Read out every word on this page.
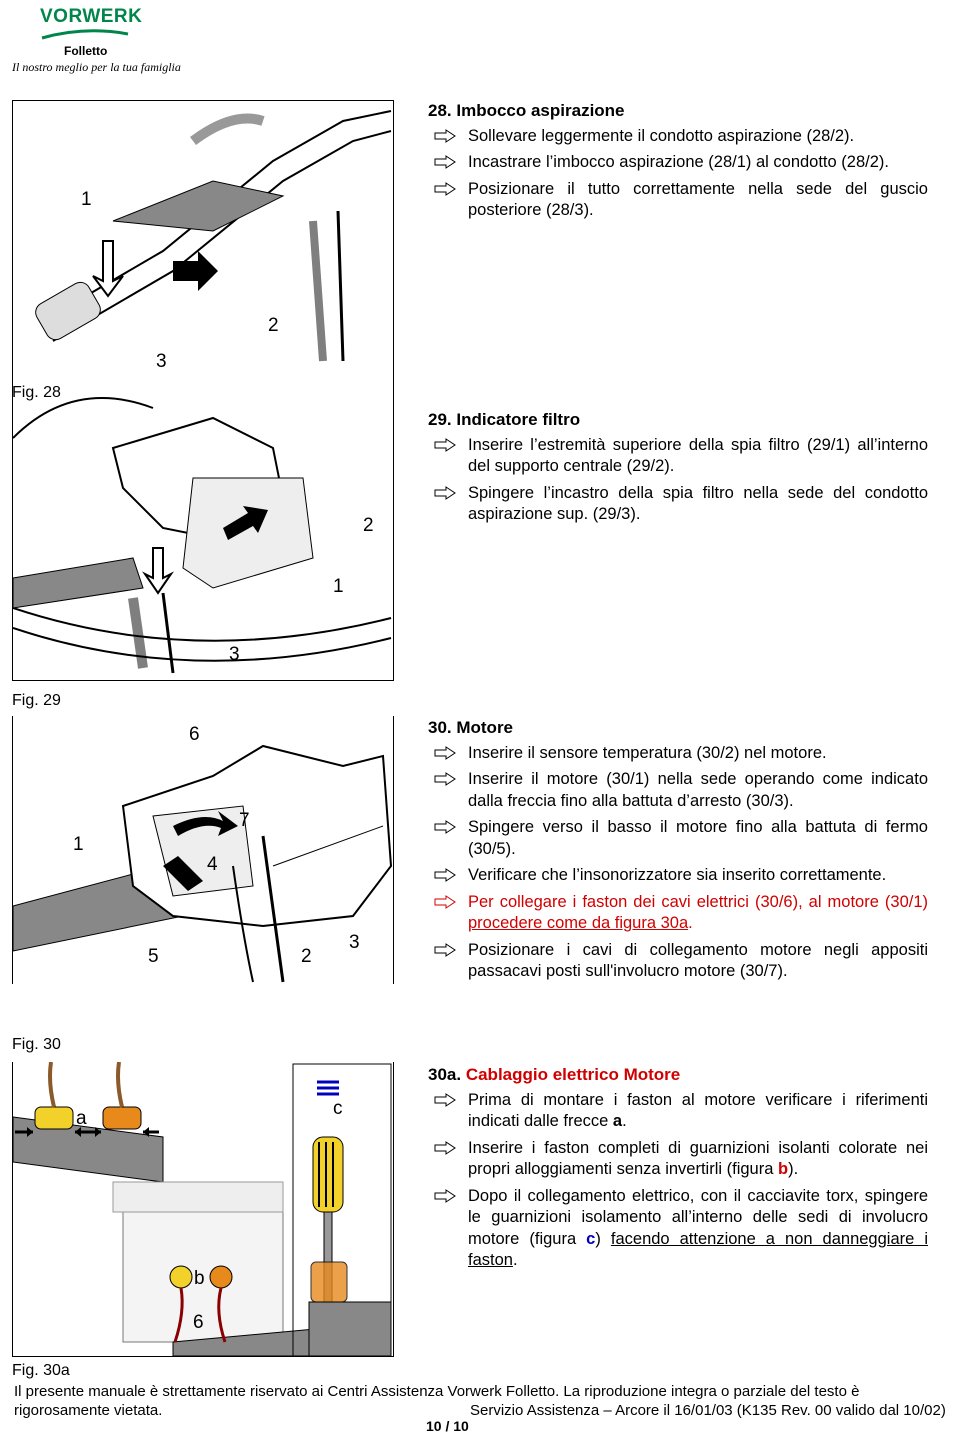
VORWERK
Folletto
Il nostro meglio per la tua famiglia
1
2
3
Fig. 28
2
1
3
Fig. 29
6
7
1
4
5	2
3
Fig. 30
a	c
b
6
Fig. 30a
28. Imbocco aspirazione
Sollevare leggermente il condotto aspirazione (28/2).
Incastrare l’imbocco aspirazione (28/1) al condotto (28/2).
Posizionare il tutto correttamente nella sede del guscio posteriore (28/3).
29. Indicatore filtro
Inserire l’estremità superiore della spia filtro (29/1) all’interno del supporto centrale (29/2).
Spingere l’incastro della spia filtro nella sede del condotto aspirazione sup. (29/3).
30. Motore
Inserire il sensore temperatura (30/2) nel motore.
Inserire il motore (30/1) nella sede operando come indicato dalla freccia fino alla battuta d’arresto (30/3).
Spingere verso il basso il motore fino alla battuta di fermo (30/5).
Verificare che l’insonorizzatore sia inserito correttamente.
Per collegare i faston dei cavi elettrici (30/6), al motore (30/1) procedere come da figura 30a.
Posizionare i cavi di collegamento motore negli appositi passacavi posti sull'involucro motore (30/7).
30a. Cablaggio elettrico Motore
Prima di montare i faston al motore verificare i riferimenti indicati dalle frecce a.
Inserire i faston completi di guarnizioni isolanti colorate nei propri alloggiamenti senza invertirli (figura b).
Dopo il collegamento elettrico, con il cacciavite torx, spingere le guarnizioni isolamento all’interno delle sedi di involucro motore (figura c) facendo attenzione a non danneggiare i faston.
Il presente manuale è strettamente riservato ai Centri Assistenza Vorwerk Folletto. La riproduzione integra o parziale del testo è
rigorosamente vietata.	Servizio Assistenza – Arcore il 16/01/03 (K135 Rev. 00 valido dal 10/02)
10 / 10
